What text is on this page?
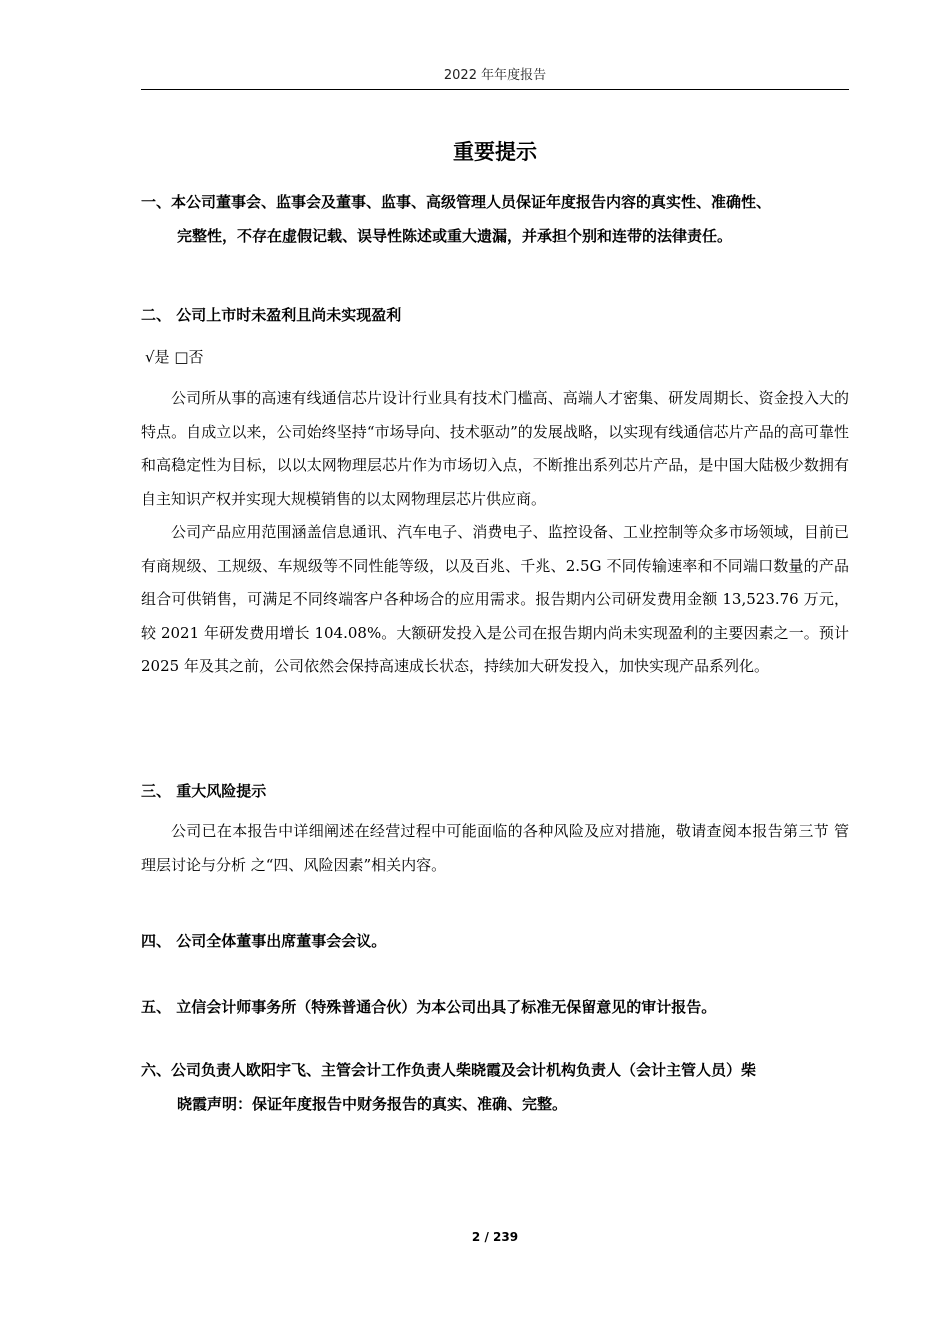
2022 年年度报告
重要提示
一、本公司董事会、监事会及董事、监事、高级管理人员保证年度报告内容的真实性、准确性、
完整性，不存在虚假记载、误导性陈述或重大遗漏，并承担个别和连带的法律责任。
二、 公司上市时未盈利且尚未实现盈利
√是 □否

公司所从事的高速有线通信芯片设计行业具有技术门槛高、高端人才密集、研发周期长、资金投入大的特点。自成立以来，公司始终坚持“市场导向、技术驱动”的发展战略，以实现有线通信芯片产品的高可靠性和高稳定性为目标，以以太网物理层芯片作为市场切入点，不断推出系列芯片产品，是中国大陆极少数拥有自主知识产权并实现大规模销售的以太网物理层芯片供应商。

公司产品应用范围涵盖信息通讯、汽车电子、消费电子、监控设备、工业控制等众多市场领域，目前已有商规级、工规级、车规级等不同性能等级，以及百兆、千兆、2.5G 不同传输速率和不同端口数量的产品组合可供销售，可满足不同终端客户各种场合的应用需求。报告期内公司研发费用金额 13,523.76 万元，较 2021 年研发费用增长 104.08%。大额研发投入是公司在报告期内尚未实现盈利的主要因素之一。预计 2025 年及其之前，公司依然会保持高速成长状态，持续加大研发投入，加快实现产品系列化。

三、 重大风险提示

公司已在本报告中详细阐述在经营过程中可能面临的各种风险及应对措施，敬请查阅本报告第三节 管理层讨论与分析 之“四、风险因素”相关内容。

四、 公司全体董事出席董事会会议。
五、 立信会计师事务所（特殊普通合伙）为本公司出具了标准无保留意见的审计报告。
六、公司负责人欧阳宇飞、主管会计工作负责人柴晓霞及会计机构负责人（会计主管人员）柴
晓霞声明：保证年度报告中财务报告的真实、准确、完整。
2 / 239
